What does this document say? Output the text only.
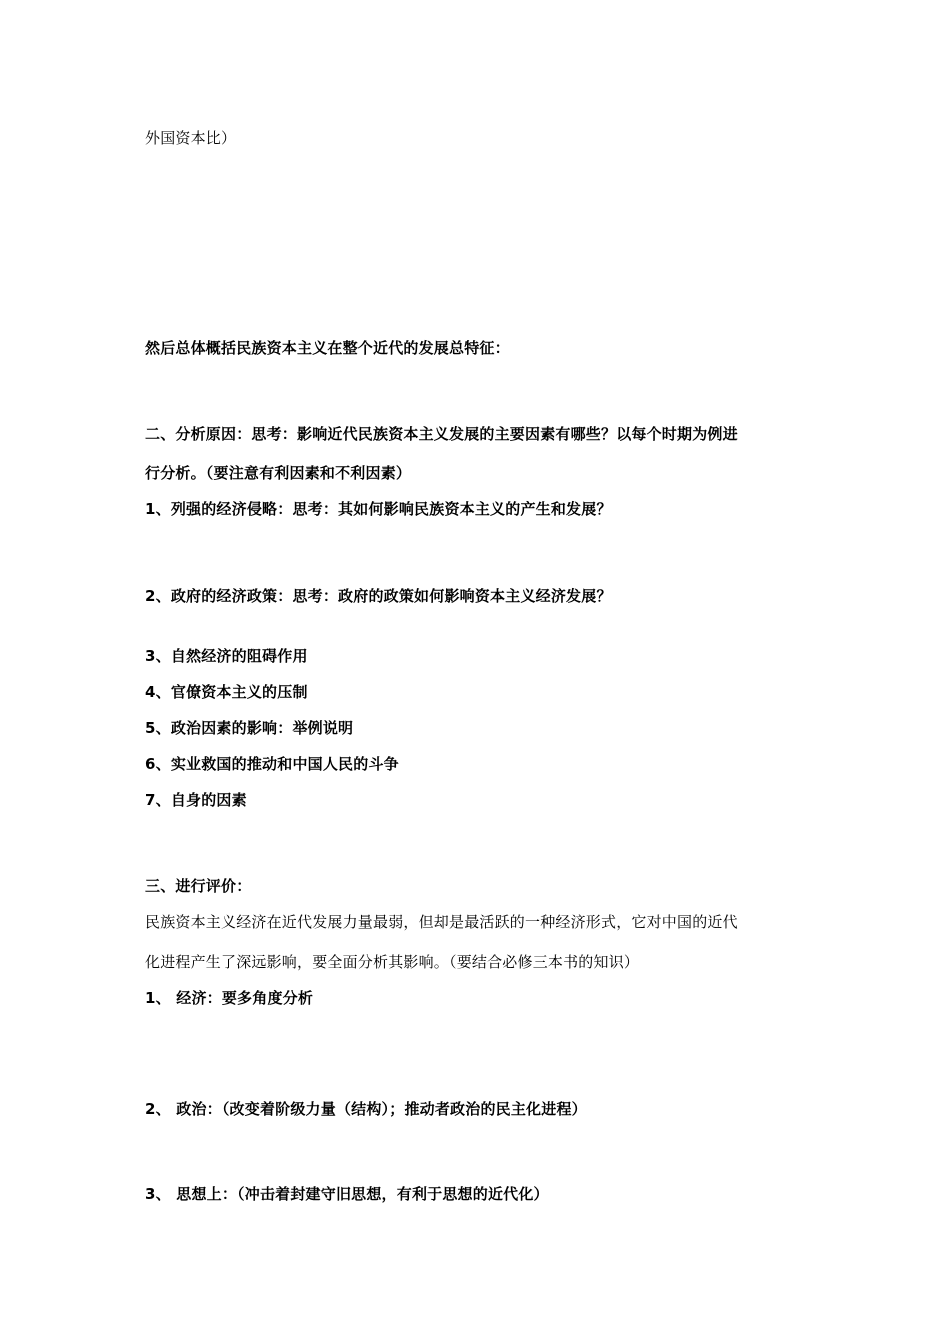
外国资本比）
然后总体概括民族资本主义在整个近代的发展总特征：
二、分析原因：思考：影响近代民族资本主义发展的主要因素有哪些？以每个时期为例进
行分析。（要注意有利因素和不利因素）
1、列强的经济侵略：思考：其如何影响民族资本主义的产生和发展？
2、政府的经济政策：思考：政府的政策如何影响资本主义经济发展？
3、自然经济的阻碍作用
4、官僚资本主义的压制
5、政治因素的影响：举例说明
6、实业救国的推动和中国人民的斗争
7、自身的因素
三、进行评价：
民族资本主义经济在近代发展力量最弱，但却是最活跃的一种经济形式，它对中国的近代
化进程产生了深远影响，要全面分析其影响。（要结合必修三本书的知识）
1、 经济：要多角度分析
2、 政治：（改变着阶级力量（结构）；推动者政治的民主化进程）
3、 思想上：（冲击着封建守旧思想，有利于思想的近代化）
